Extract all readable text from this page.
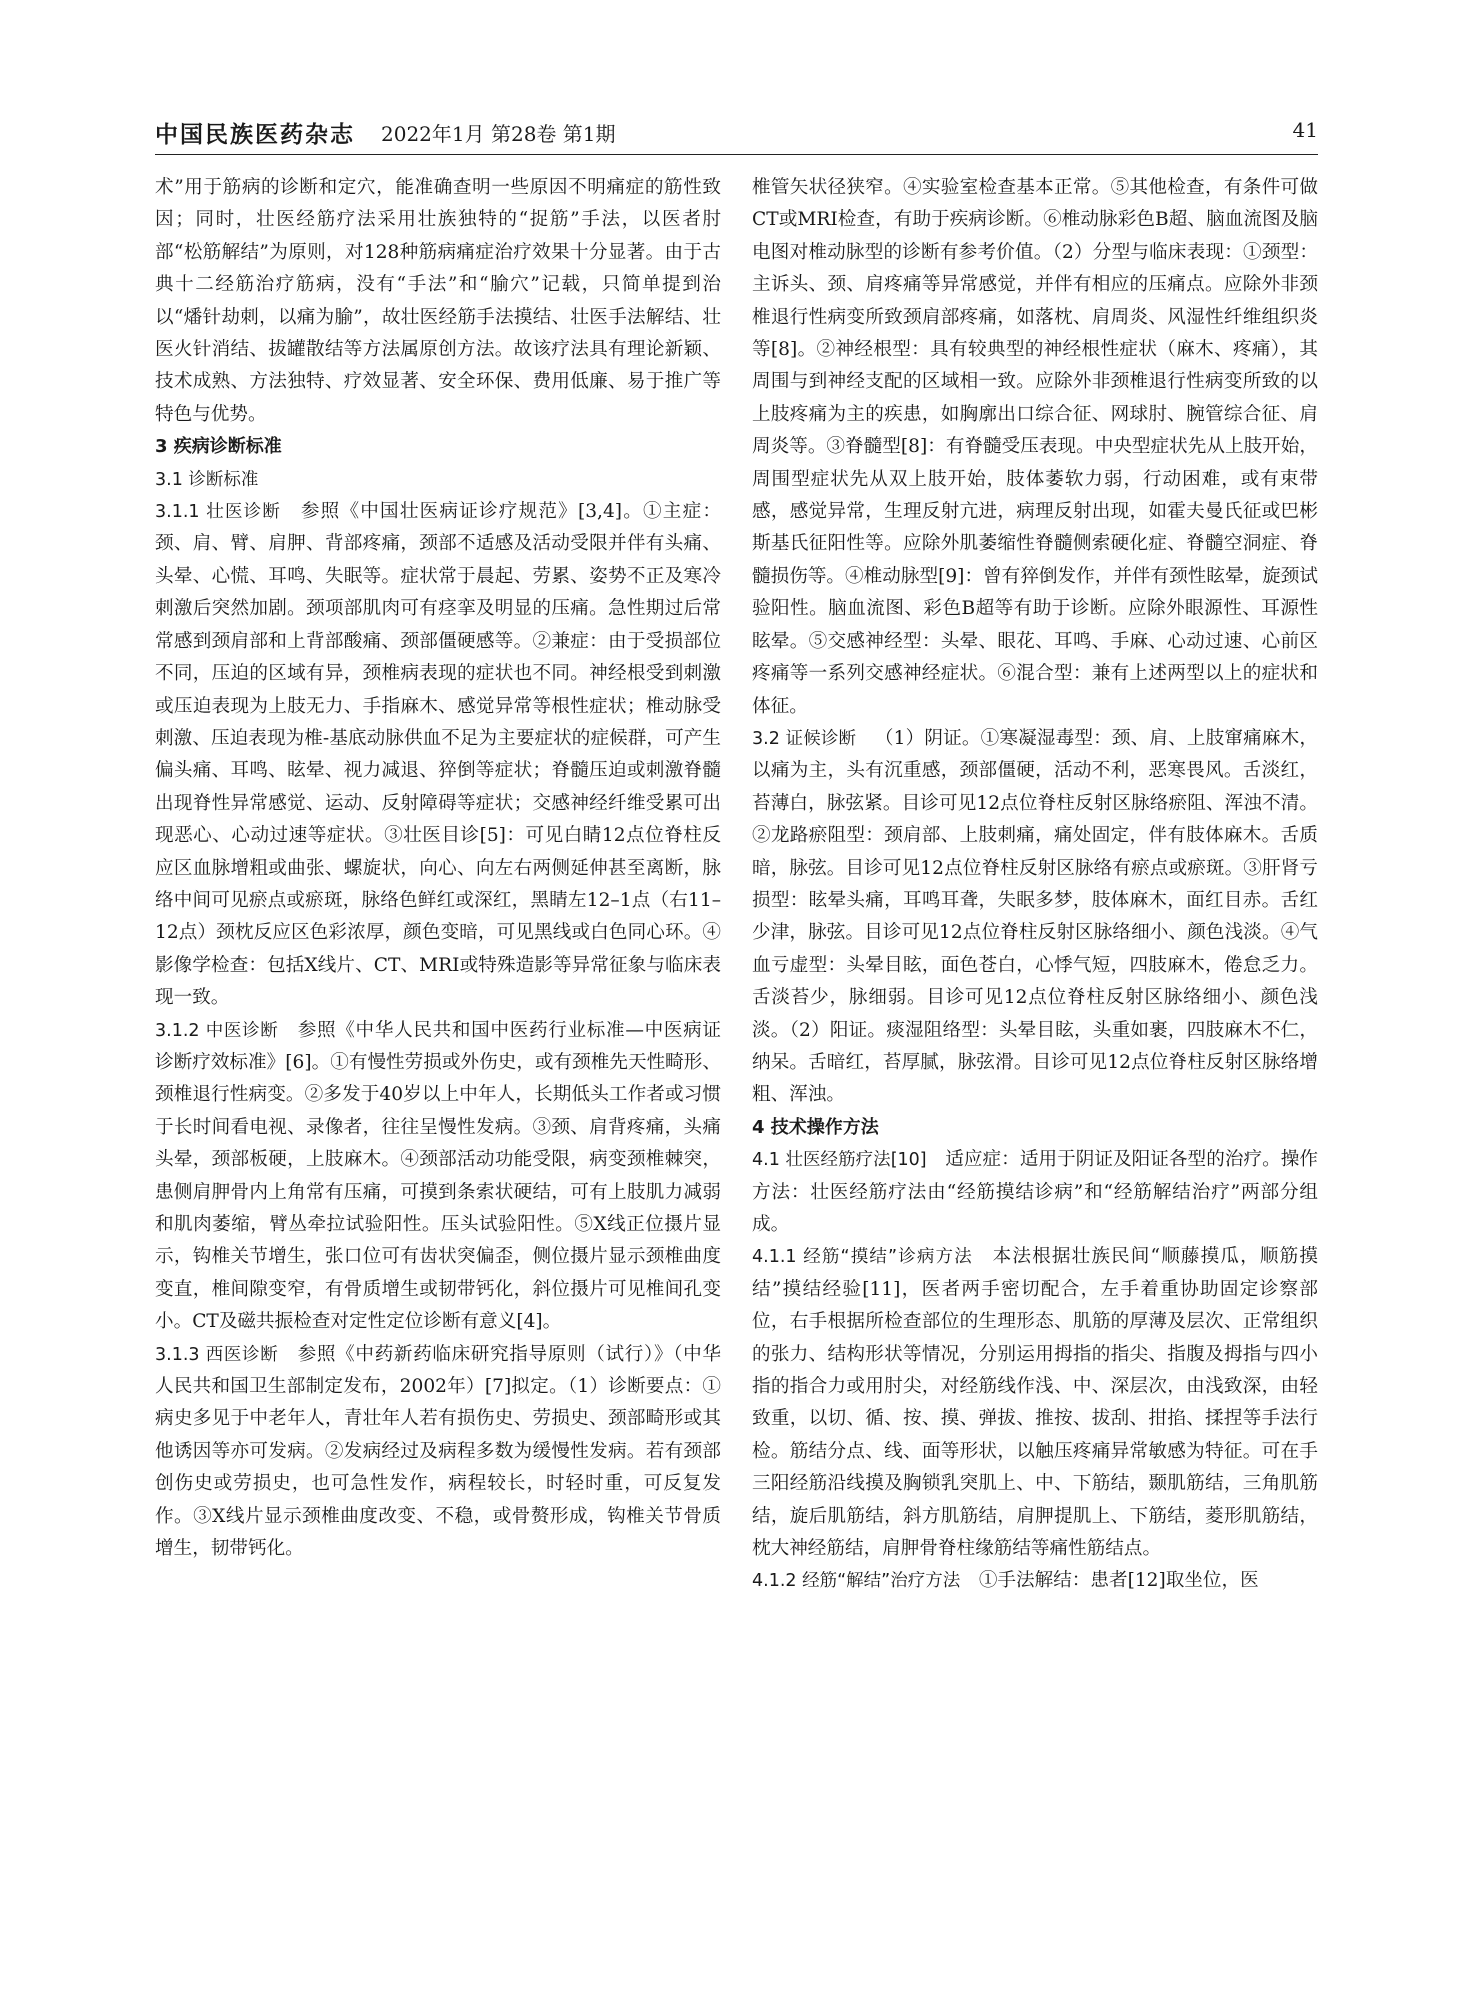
中国民族医药杂志 2022年1月 第28卷 第1期	41

术”用于筋病的诊断和定穴，能准确查明一些原因不明痛症的筋性致因；同时，壮医经筋疗法采用壮族独特的“捉筋”手法，以医者肘部“松筋解结”为原则，对128种筋病痛症治疗效果十分显著。由于古典十二经筋治疗筋病，没有“手法”和“腧穴”记载，只简单提到治以“燔针劫刺，以痛为腧”，故壮医经筋手法摸结、壮医手法解结、壮医火针消结、拔罐散结等方法属原创方法。故该疗法具有理论新颖、技术成熟、方法独特、疗效显著、安全环保、费用低廉、易于推广等特色与优势。

3 疾病诊断标准

3.1 诊断标准

3.1.1 壮医诊断  参照《中国壮医病证诊疗规范》[3,4]。①主症：颈、肩、臂、肩胛、背部疼痛，颈部不适感及活动受限并伴有头痛、头晕、心慌、耳鸣、失眠等。症状常于晨起、劳累、姿势不正及寒冷刺激后突然加剧。颈项部肌肉可有痉挛及明显的压痛。急性期过后常常感到颈肩部和上背部酸痛、颈部僵硬感等。②兼症：由于受损部位不同，压迫的区域有异，颈椎病表现的症状也不同。神经根受到刺激或压迫表现为上肢无力、手指麻木、感觉异常等根性症状；椎动脉受刺激、压迫表现为椎-基底动脉供血不足为主要症状的症候群，可产生偏头痛、耳鸣、眩晕、视力减退、猝倒等症状；脊髓压迫或刺激脊髓出现脊性异常感觉、运动、反射障碍等症状；交感神经纤维受累可出现恶心、心动过速等症状。③壮医目诊[5]：可见白睛12点位脊柱反应区血脉增粗或曲张、螺旋状，向心、向左右两侧延伸甚至离断，脉络中间可见瘀点或瘀斑，脉络色鲜红或深红，黑睛左12–1点（右11–12点）颈枕反应区色彩浓厚，颜色变暗，可见黑线或白色同心环。④影像学检查：包括X线片、CT、MRI或特殊造影等异常征象与临床表现一致。

3.1.2 中医诊断  参照《中华人民共和国中医药行业标准—中医病证诊断疗效标准》[6]。①有慢性劳损或外伤史，或有颈椎先天性畸形、颈椎退行性病变。②多发于40岁以上中年人，长期低头工作者或习惯于长时间看电视、录像者，往往呈慢性发病。③颈、肩背疼痛，头痛头晕，颈部板硬，上肢麻木。④颈部活动功能受限，病变颈椎棘突，患侧肩胛骨内上角常有压痛，可摸到条索状硬结，可有上肢肌力减弱和肌肉萎缩，臂丛牵拉试验阳性。压头试验阳性。⑤X线正位摄片显示，钩椎关节增生，张口位可有齿状突偏歪，侧位摄片显示颈椎曲度变直，椎间隙变窄，有骨质增生或韧带钙化，斜位摄片可见椎间孔变小。CT及磁共振检查对定性定位诊断有意义[4]。

3.1.3 西医诊断  参照《中药新药临床研究指导原则（试行）》（中华人民共和国卫生部制定发布，2002年）[7]拟定。（1）诊断要点：①病史多见于中老年人，青壮年人若有损伤史、劳损史、颈部畸形或其他诱因等亦可发病。②发病经过及病程多数为缓慢性发病。若有颈部创伤史或劳损史，也可急性发作，病程较长，时轻时重，可反复发作。③X线片显示颈椎曲度改变、不稳，或骨赘形成，钩椎关节骨质增生，韧带钙化。

椎管矢状径狭窄。④实验室检查基本正常。⑤其他检查，有条件可做CT或MRI检查，有助于疾病诊断。⑥椎动脉彩色B超、脑血流图及脑电图对椎动脉型的诊断有参考价值。（2）分型与临床表现：①颈型：主诉头、颈、肩疼痛等异常感觉，并伴有相应的压痛点。应除外非颈椎退行性病变所致颈肩部疼痛，如落枕、肩周炎、风湿性纤维组织炎等[8]。②神经根型：具有较典型的神经根性症状（麻木、疼痛），其周围与到神经支配的区域相一致。应除外非颈椎退行性病变所致的以上肢疼痛为主的疾患，如胸廓出口综合征、网球肘、腕管综合征、肩周炎等。③脊髓型[8]：有脊髓受压表现。中央型症状先从上肢开始，周围型症状先从双上肢开始，肢体萎软力弱，行动困难，或有束带感，感觉异常，生理反射亢进，病理反射出现，如霍夫曼氏征或巴彬斯基氏征阳性等。应除外肌萎缩性脊髓侧索硬化症、脊髓空洞症、脊髓损伤等。④椎动脉型[9]：曾有猝倒发作，并伴有颈性眩晕，旋颈试验阳性。脑血流图、彩色B超等有助于诊断。应除外眼源性、耳源性眩晕。⑤交感神经型：头晕、眼花、耳鸣、手麻、心动过速、心前区疼痛等一系列交感神经症状。⑥混合型：兼有上述两型以上的症状和体征。

3.2 证候诊断  （1）阴证。①寒凝湿毒型：颈、肩、上肢窜痛麻木，以痛为主，头有沉重感，颈部僵硬，活动不利，恶寒畏风。舌淡红，苔薄白，脉弦紧。目诊可见12点位脊柱反射区脉络瘀阻、浑浊不清。②龙路瘀阻型：颈肩部、上肢刺痛，痛处固定，伴有肢体麻木。舌质暗，脉弦。目诊可见12点位脊柱反射区脉络有瘀点或瘀斑。③肝肾亏损型：眩晕头痛，耳鸣耳聋，失眠多梦，肢体麻木，面红目赤。舌红少津，脉弦。目诊可见12点位脊柱反射区脉络细小、颜色浅淡。④气血亏虚型：头晕目眩，面色苍白，心悸气短，四肢麻木，倦怠乏力。舌淡苔少，脉细弱。目诊可见12点位脊柱反射区脉络细小、颜色浅淡。（2）阳证。痰湿阻络型：头晕目眩，头重如裹，四肢麻木不仁，纳呆。舌暗红，苔厚腻，脉弦滑。目诊可见12点位脊柱反射区脉络增粗、浑浊。

4 技术操作方法

4.1 壮医经筋疗法[10]  适应症：适用于阴证及阳证各型的治疗。操作方法：壮医经筋疗法由“经筋摸结诊病”和“经筋解结治疗”两部分组成。

4.1.1 经筋“摸结”诊病方法  本法根据壮族民间“顺藤摸瓜，顺筋摸结”摸结经验[11]，医者两手密切配合，左手着重协助固定诊察部位，右手根据所检查部位的生理形态、肌筋的厚薄及层次、正常组织的张力、结构形状等情况，分别运用拇指的指尖、指腹及拇指与四小指的指合力或用肘尖，对经筋线作浅、中、深层次，由浅致深，由轻致重，以切、循、按、摸、弹拔、推按、拔刮、拑掐、揉捏等手法行检。筋结分点、线、面等形状，以触压疼痛异常敏感为特征。可在手三阳经筋沿线摸及胸锁乳突肌上、中、下筋结，颞肌筋结，三角肌筋结，旋后肌筋结，斜方肌筋结，肩胛提肌上、下筋结，菱形肌筋结，枕大神经筋结，肩胛骨脊柱缘筋结等痛性筋结点。

4.1.2 经筋“解结”治疗方法  ①手法解结：患者[12]取坐位，医
